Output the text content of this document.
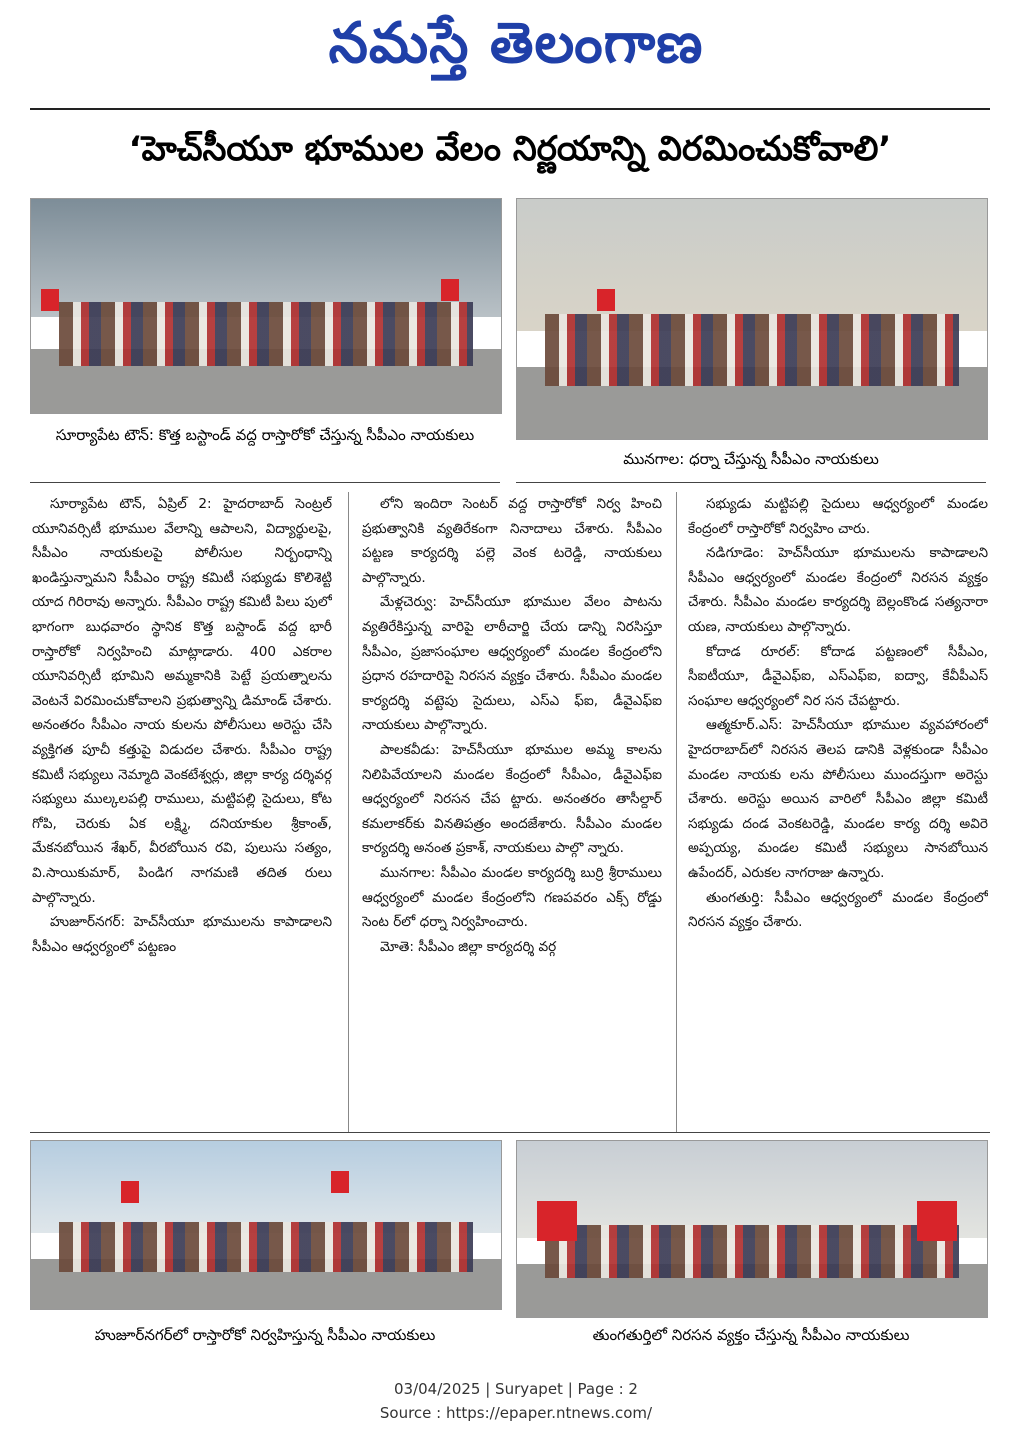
నమస్తే తెలంగాణ
‘హెచ్‌సీయూ భూముల వేలం నిర్ణయాన్ని విరమించుకోవాలి’
సూర్యాపేట టౌన్‌: కొత్త బస్టాండ్‌ వద్ద రాస్తారోకో చేస్తున్న సీపీఎం నాయకులు
మునగాల: ధర్నా చేస్తున్న సీపీఎం నాయకులు

సూర్యాపేట టౌన్‌, ఏప్రిల్‌ 2: హైదరాబాద్‌ సెంట్రల్‌ యూనివర్సిటీ భూముల వేలాన్ని ఆపాలని, విద్యార్థులపై, సీపీఎం నాయకులపై పోలీసుల నిర్బంధాన్ని ఖండిస్తున్నామని సీపీఎం రాష్ట్ర కమిటీ సభ్యుడు కొలిశెట్టి యాద గిరిరావు అన్నారు. సీపీఎం రాష్ట్ర కమిటీ పిలు పులో భాగంగా బుధవారం స్థానిక కొత్త బస్టాండ్‌ వద్ద భారీ రాస్తారోకో నిర్వహించి మాట్లాడారు. 400 ఎకరాల యూనివర్సిటీ భూమిని అమ్మకానికి పెట్టే ప్రయత్నాలను వెంటనే విరమించుకోవాలని ప్రభుత్వాన్ని డిమాండ్‌ చేశారు. అనంతరం సీపీఎం నాయ కులను పోలీసులు అరెస్టు చేసి వ్యక్తిగత పూచీ కత్తుపై విడుదల చేశారు. సీపీఎం రాష్ట్ర కమిటీ సభ్యులు నెమ్మాది వెంకటేశ్వర్లు, జిల్లా కార్య దర్శివర్గ సభ్యులు ముల్కలపల్లి రాములు, మట్టిపల్లి సైదులు, కోట గోపి, చెరుకు ఏక లక్ష్మి, దనియాకుల శ్రీకాంత్‌, మేకనబోయిన శేఖర్‌, వీరబోయిన రవి, పులుసు సత్యం, వి.సాయికుమార్‌, పిండిగ నాగమణి తదిత రులు పాల్గొన్నారు.

హుజూర్‌నగర్‌: హెచ్‌సీయూ భూములను కాపాడాలని సీపీఎం ఆధ్వర్యంలో పట్టణం

లోని ఇందిరా సెంటర్‌ వద్ద రాస్తారోకో నిర్వ హించి ప్రభుత్వానికి వ్యతిరేకంగా నినాదాలు చేశారు. సీపీఎం పట్టణ కార్యదర్శి పల్లె వెంక టరెడ్డి, నాయకులు పాల్గొన్నారు.

మేళ్లచెర్వు: హెచ్‌సీయూ భూముల వేలం పాటను వ్యతిరేకిస్తున్న వారిపై లాఠీచార్జి చేయ డాన్ని నిరసిస్తూ సీపీఎం, ప్రజాసంఘాల ఆధ్వర్యంలో మండల కేంద్రంలోని ప్రధాన రహదారిపై నిరసన వ్యక్తం చేశారు. సీపీఎం మండల కార్యదర్శి వట్టెపు సైదులు, ఎస్‌ఎ ఫ్‌ఐ, డీవైఎఫ్‌ఐ నాయకులు పాల్గొన్నారు.

పాలకవీడు: హెచ్‌సీయూ భూముల అమ్మ కాలను నిలిపివేయాలని మండల కేంద్రంలో సీపీఎం, డీవైఎఫ్‌ఐ ఆధ్వర్యంలో నిరసన చేప ట్టారు. అనంతరం తాసీల్దార్‌ కమలాకర్‌కు వినతిపత్రం అందజేశారు. సీపీఎం మండల కార్యదర్శి అనంత ప్రకాశ్‌, నాయకులు పాల్గొ న్నారు.

మునగాల: సీపీఎం మండల కార్యదర్శి బుర్రి శ్రీరాములు ఆధ్వర్యంలో మండల కేంద్రంలోని గణపవరం ఎక్స్‌ రోడ్డు సెంట ర్‌లో ధర్నా నిర్వహించారు.

మోతె: సీపీఎం జిల్లా కార్యదర్శి వర్గ

సభ్యుడు మట్టిపల్లి సైదులు ఆధ్వర్యంలో మండల కేంద్రంలో రాస్తారోకో నిర్వహిం చారు.

నడిగూడెం: హెచ్‌సీయూ భూములను కాపాడాలని సీపీఎం ఆధ్వర్యంలో మండల కేంద్రంలో నిరసన వ్యక్తం చేశారు. సీపీఎం మండల కార్యదర్శి బెల్లంకొండ సత్యనారా యణ, నాయకులు పాల్గొన్నారు.

కోదాడ రూరల్‌: కోదాడ పట్టణంలో సీపీఎం, సీఐటీయూ, డీవైఎఫ్‌ఐ, ఎస్‌ఎఫ్‌ఐ, ఐద్వా, కేవీపీఎస్‌ సంఘాల ఆధ్వర్యంలో నిర సన చేపట్టారు.

ఆత్మకూర్‌.ఎస్‌: హెచ్‌సీయూ భూముల వ్యవహారంలో హైదరాబాద్‌లో నిరసన తెలప డానికి వెళ్లకుండా సీపీఎం మండల నాయకు లను పోలీసులు ముందస్తుగా అరెస్టు చేశారు. అరెస్టు అయిన వారిలో సీపీఎం జిల్లా కమిటీ సభ్యుడు దండ వెంకటరెడ్డి, మండల కార్య దర్శి అవిరె అప్పయ్య, మండల కమిటీ సభ్యులు సానబోయిన ఉపేందర్‌, ఎరుకల నాగరాజు ఉన్నారు.

తుంగతుర్తి: సీపీఎం ఆధ్వర్యంలో మండల కేంద్రంలో నిరసన వ్యక్తం చేశారు.

హుజూర్‌నగర్‌లో రాస్తారోకో నిర్వహిస్తున్న సీపీఎం నాయకులు	తుంగతుర్తిలో నిరసన వ్యక్తం చేస్తున్న సీపీఎం నాయకులు
03/04/2025 | Suryapet | Page : 2
Source : https://epaper.ntnews.com/
